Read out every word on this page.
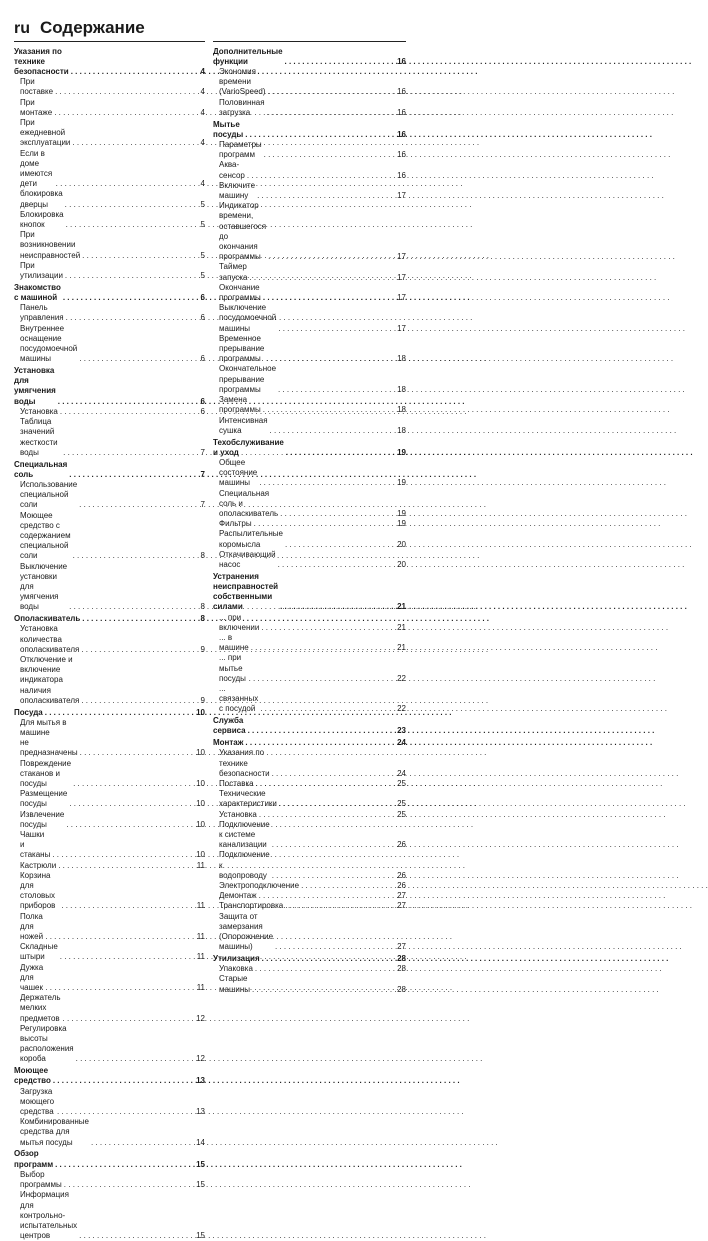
ru Содержание
Указания по технике безопасности . . .	4
При поставке . . .	4
При монтаже . . .	4
При ежедневной эксплуатации . . .	4
Если в доме имеются дети . . .	4
блокировка дверцы . . .	5
Блокировка кнопок . . .	5
При возникновении неисправностей . . .	5
При утилизации . . .	5
Знакомство с машиной . . .	6
Панель управления . . .	6
Внутреннее оснащение
посудомоечной машины . . .	6
Установка для умягчения воды . . .	6
Установка . . .	6
Таблица значений жесткости воды . . .	7
Специальная соль . . .	7
Использование специальной соли . . .	7
Моющее средство с содержанием
специальной соли . . .	8
Выключение установки для
умягчения воды . . .	8
Ополаскиватель . . .	8
Установка количества
ополаскивателя . . .	9
Отключение и включение
индикатора наличия
ополаскивателя . . .	9
Посуда . . .	10
Для мытья в машине
не предназначены . . .	10
Повреждение стаканов и посуды . . .	10
Размещение посуды . . .	10
Извлечение посуды . . .	10
Чашки и стаканы . . .	10
Кастрюли . . .	11
Корзина для столовых приборов . . .	11
Полка для ножей . . .	11
Складные штыри . . .	11
Дужка для чашек . . .	11
Держатель мелких предметов . . .	12
Регулировка высоты расположения
короба . . .	12
Моющее средство . . .	13
Загрузка моющего средства . . .	13
Комбинированные средства для
мытья посуды . . .	14
Обзор программ . . .	15
Выбор программы . . .	15
Информация для контрольно-
испытательных центров . . .	15
Дополнительные функции . . .	16
Экономия времени (VarioSpeed) . . .	16
Половинная загрузка . . .	16
Мытье посуды . . .	16
Параметры программ . . .	16
Аква-сенсор . . .	16
Включите машину . . .	17
Индикатор времени, оставшегося
до окончания программы . . .	17
Таймер запуска . . .	17
Окончание программы . . .	17
Выключение посудомоечной
машины . . .	17
Временное прерывание программы . . .	18
Окончательное прерывание
программы . . .	18
Замена программы . . .	18
Интенсивная сушка . . .	18
Техобслуживание и уход . . .	19
Общее состояние машины . . .	19
Специальная соль и
ополаскиватель . . .	19
Фильтры . . .	19
Распылительные коромысла . . .	20
Откачивающий насос . . .	20
Устранения неисправностей
собственными силами . . .	21
... при включении . . .	21
... в машине . . .	21
... при мытье посуды . . .	22
... связанных с посудой . . .	22
Служба сервиса . . .	23
Монтаж . . .	24
Указания по технике безопасности . . .	24
Поставка . . .	25
Технические характеристики . . .	25
Установка . . .	25
Подключение к системе
канализации . . .	26
Подключение к водопроводу . . .	26
Электроподключение . . .	26
Демонтаж . . .	27
Транспортировка . . .	27
Защита от замерзания
(Опорожнение машины) . . .	27
Утилизация . . .	28
Упаковка . . .	28
Старые машины . . .	28
